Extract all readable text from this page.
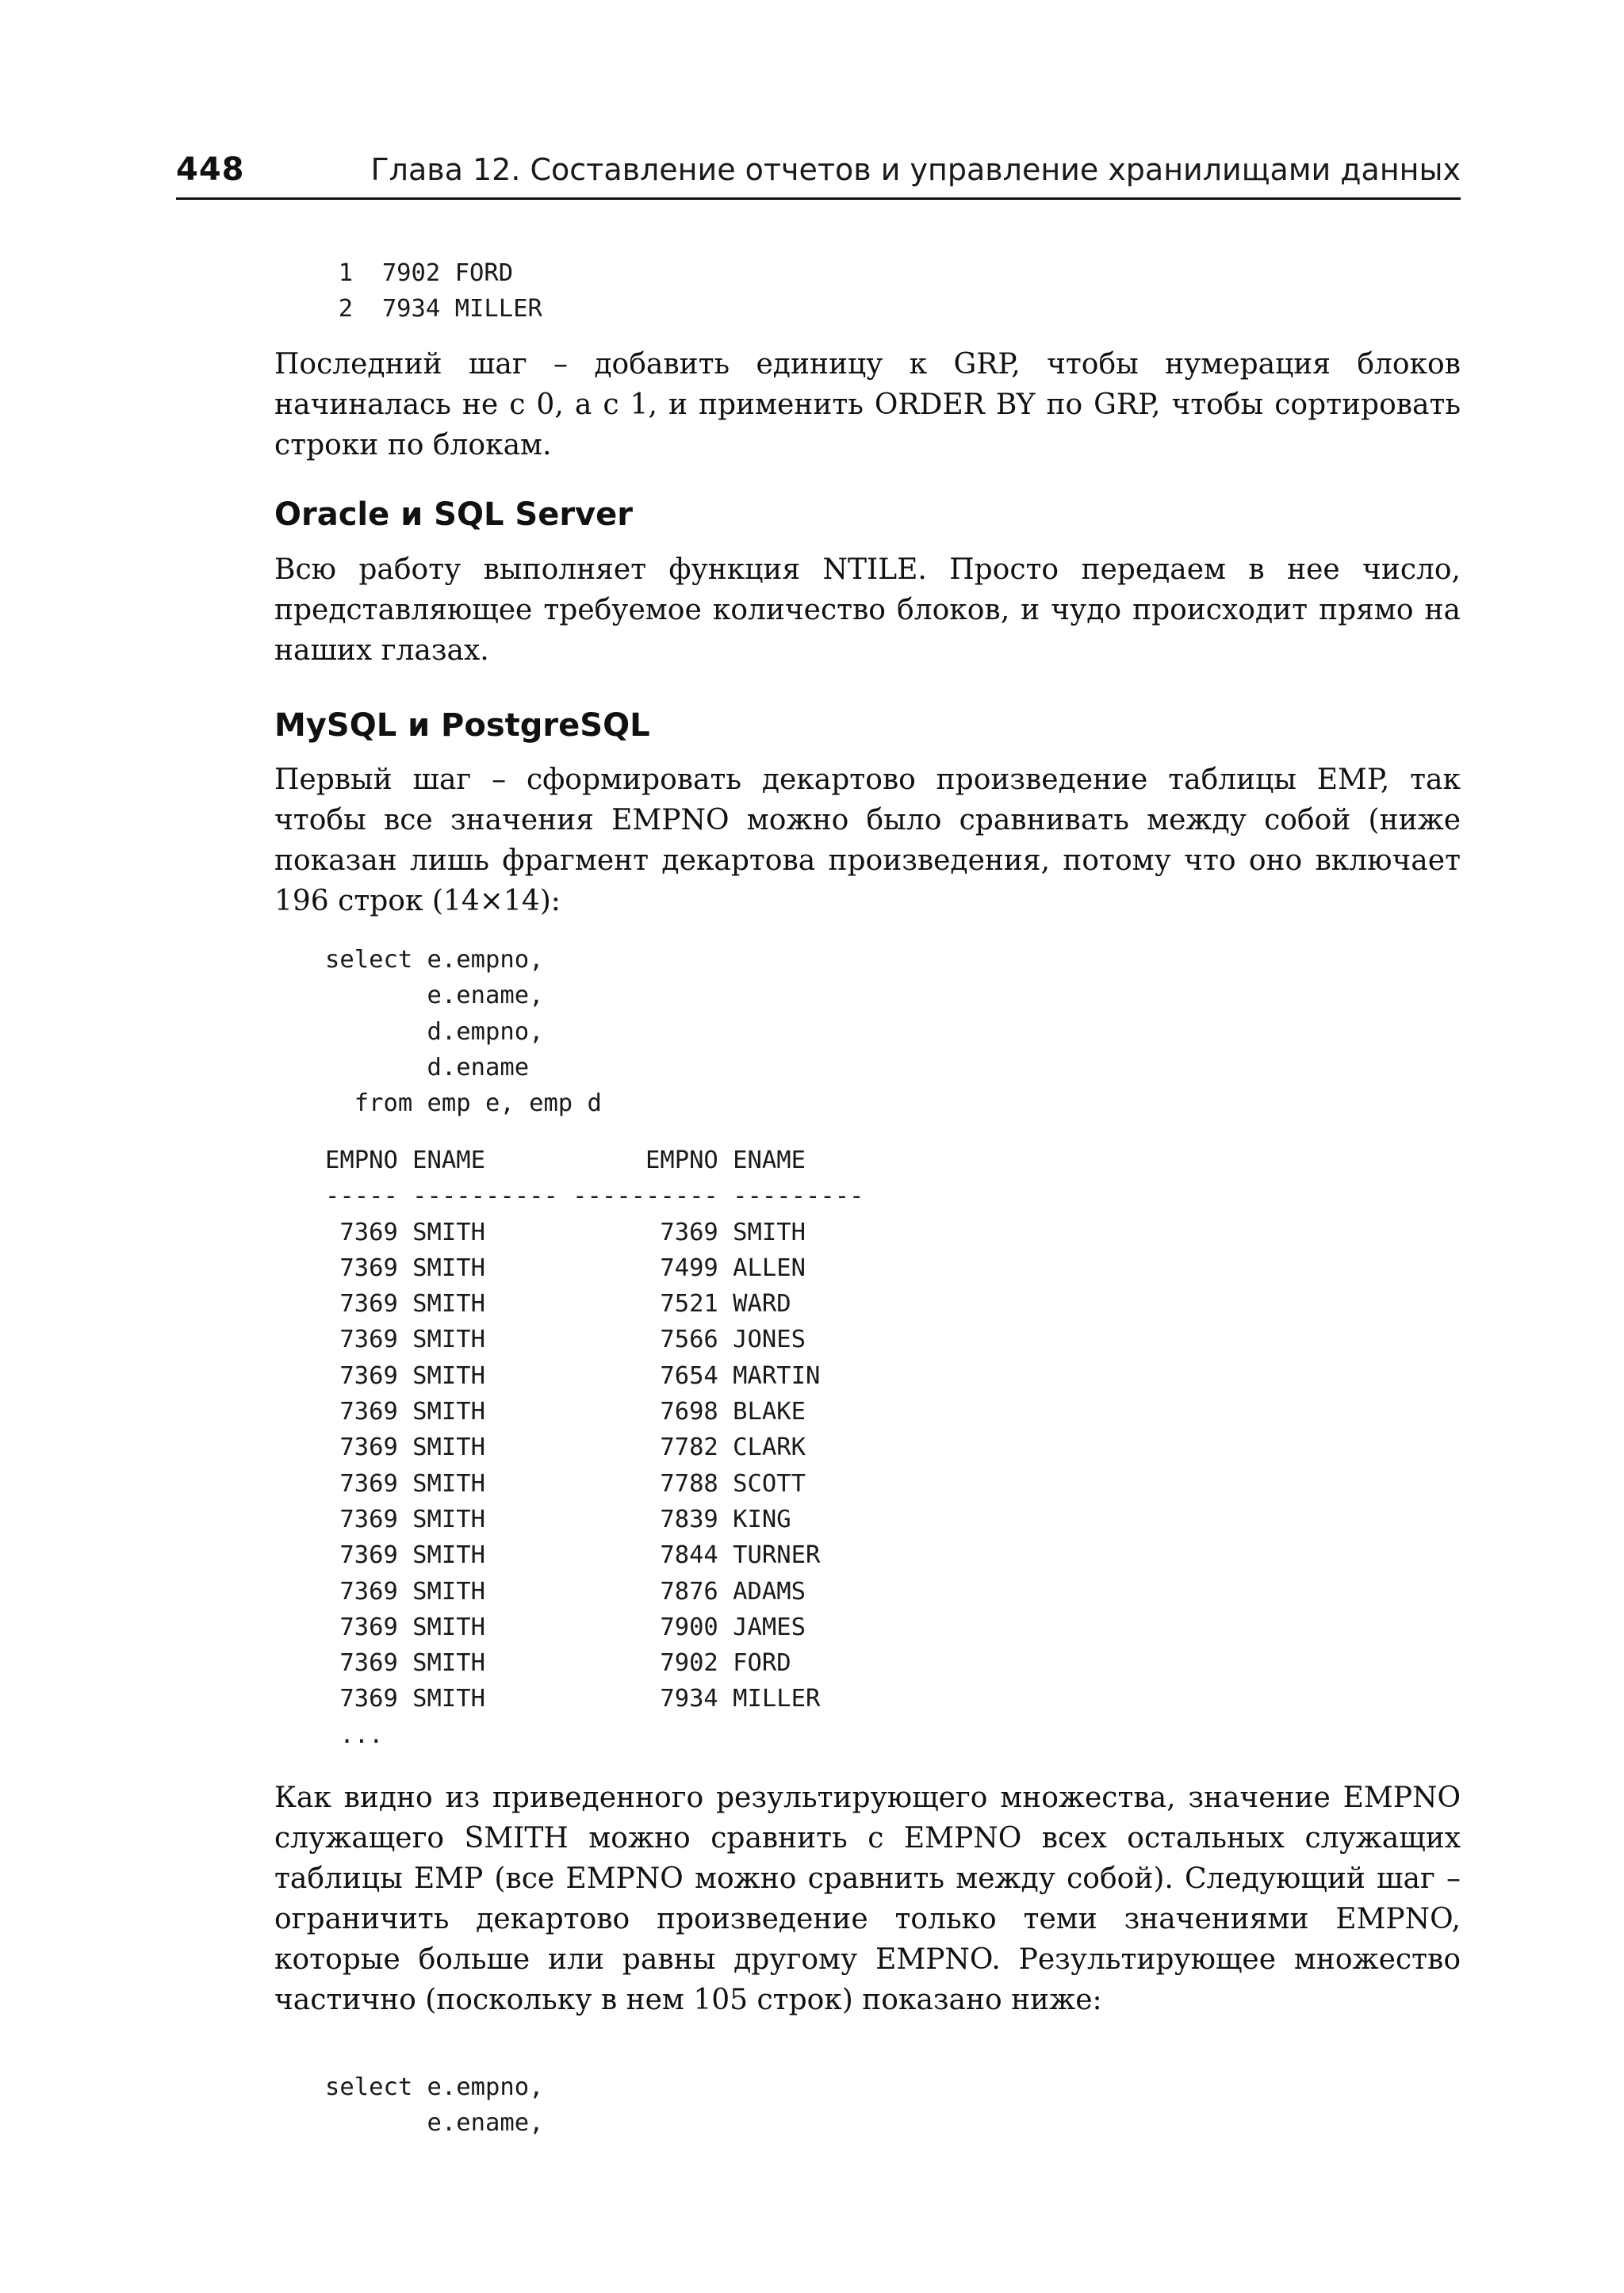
448	Глава 12. Составление отчетов и управление хранилищами данных
1  7902 FORD
2  7934 MILLER

Последний шаг – добавить единицу к GRP, чтобы нумерация блоков начиналась не с 0, а с 1, и применить ORDER BY по GRP, чтобы сортировать строки по блокам.

Oracle и SQL Server

Всю работу выполняет функция NTILE. Просто передаем в нее число, представляющее требуемое количество блоков, и чудо происходит прямо на наших глазах.

MySQL и PostgreSQL

Первый шаг – сформировать декартово произведение таблицы EMP, так чтобы все значения EMPNO можно было сравнивать между собой (ниже показан лишь фрагмент декартова произведения, потому что оно включает 196 строк (14×14):

select e.empno,
e.ename,
d.empno,
d.ename
from emp e, emp d
EMPNO ENAME           EMPNO ENAME
----- ---------- ---------- ---------
7369 SMITH            7369 SMITH
7369 SMITH            7499 ALLEN
7369 SMITH            7521 WARD
7369 SMITH            7566 JONES
7369 SMITH            7654 MARTIN
7369 SMITH            7698 BLAKE
7369 SMITH            7782 CLARK
7369 SMITH            7788 SCOTT
7369 SMITH            7839 KING
7369 SMITH            7844 TURNER
7369 SMITH            7876 ADAMS
7369 SMITH            7900 JAMES
7369 SMITH            7902 FORD
7369 SMITH            7934 MILLER
...

Как видно из приведенного результирующего множества, значение EMPNO служащего SMITH можно сравнить с EMPNO всех остальных служащих таблицы EMP (все EMPNO можно сравнить между собой). Следующий шаг – ограничить декартово произведение только теми значениями EMPNO, которые больше или равны другому EMPNO. Результирующее множество частично (поскольку в нем 105 строк) показано ниже:

select e.empno,
e.ename,
